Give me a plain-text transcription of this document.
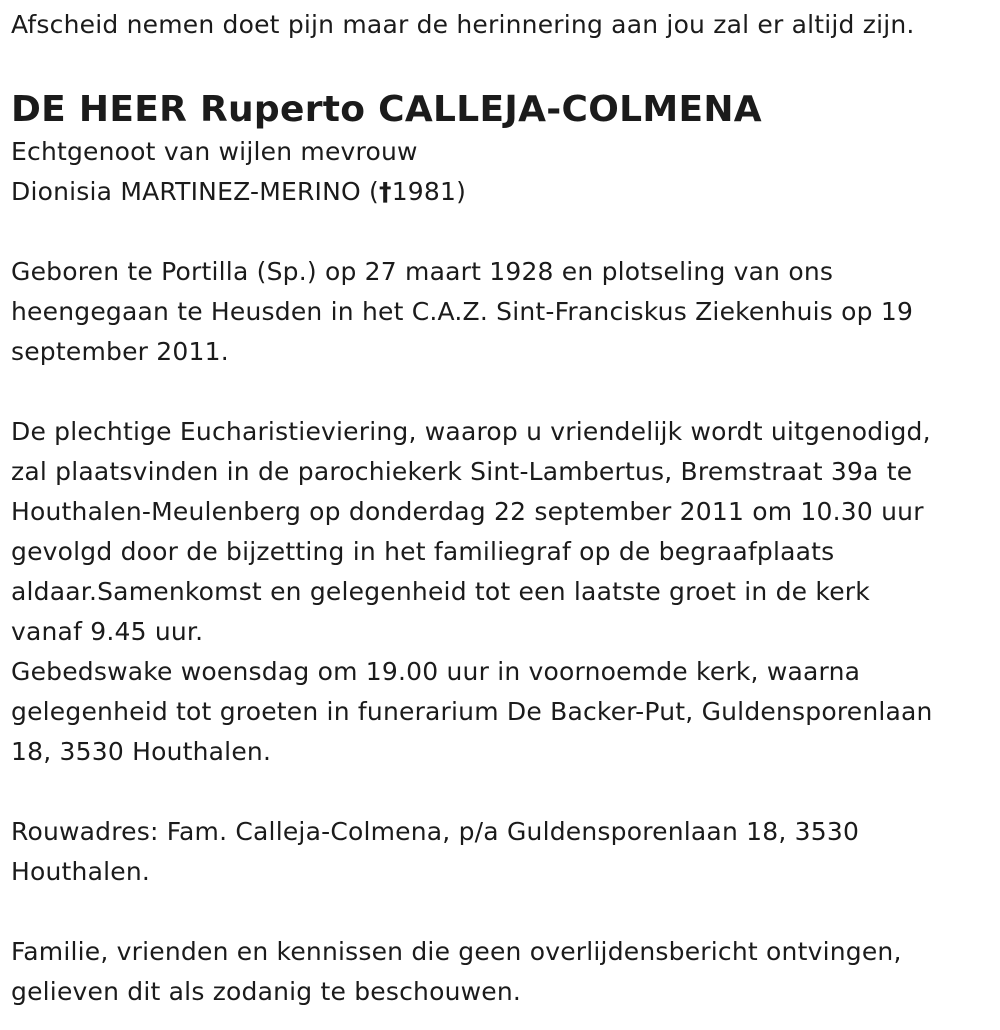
Afscheid nemen doet pijn maar de herinnering aan jou zal er altijd zijn.
DE HEER Ruperto CALLEJA-COLMENA
Echtgenoot van wijlen mevrouw
Dionisia MARTINEZ-MERINO (†1981)
Geboren te Portilla (Sp.) op 27 maart 1928 en plotseling van ons
heengegaan te Heusden in het C.A.Z. Sint-Franciskus Ziekenhuis op 19
september 2011.
De plechtige Eucharistieviering, waarop u vriendelijk wordt uitgenodigd,
zal plaatsvinden in de parochiekerk Sint-Lambertus, Bremstraat 39a te
Houthalen-Meulenberg op donderdag 22 september 2011 om 10.30 uur
gevolgd door de bijzetting in het familiegraf op de begraafplaats
aldaar.Samenkomst en gelegenheid tot een laatste groet in de kerk
vanaf 9.45 uur.
Gebedswake woensdag om 19.00 uur in voornoemde kerk, waarna
gelegenheid tot groeten in funerarium De Backer-Put, Guldensporenlaan
18, 3530 Houthalen.
Rouwadres: Fam. Calleja-Colmena, p/a Guldensporenlaan 18, 3530
Houthalen.
Familie, vrienden en kennissen die geen overlijdensbericht ontvingen,
gelieven dit als zodanig te beschouwen.
